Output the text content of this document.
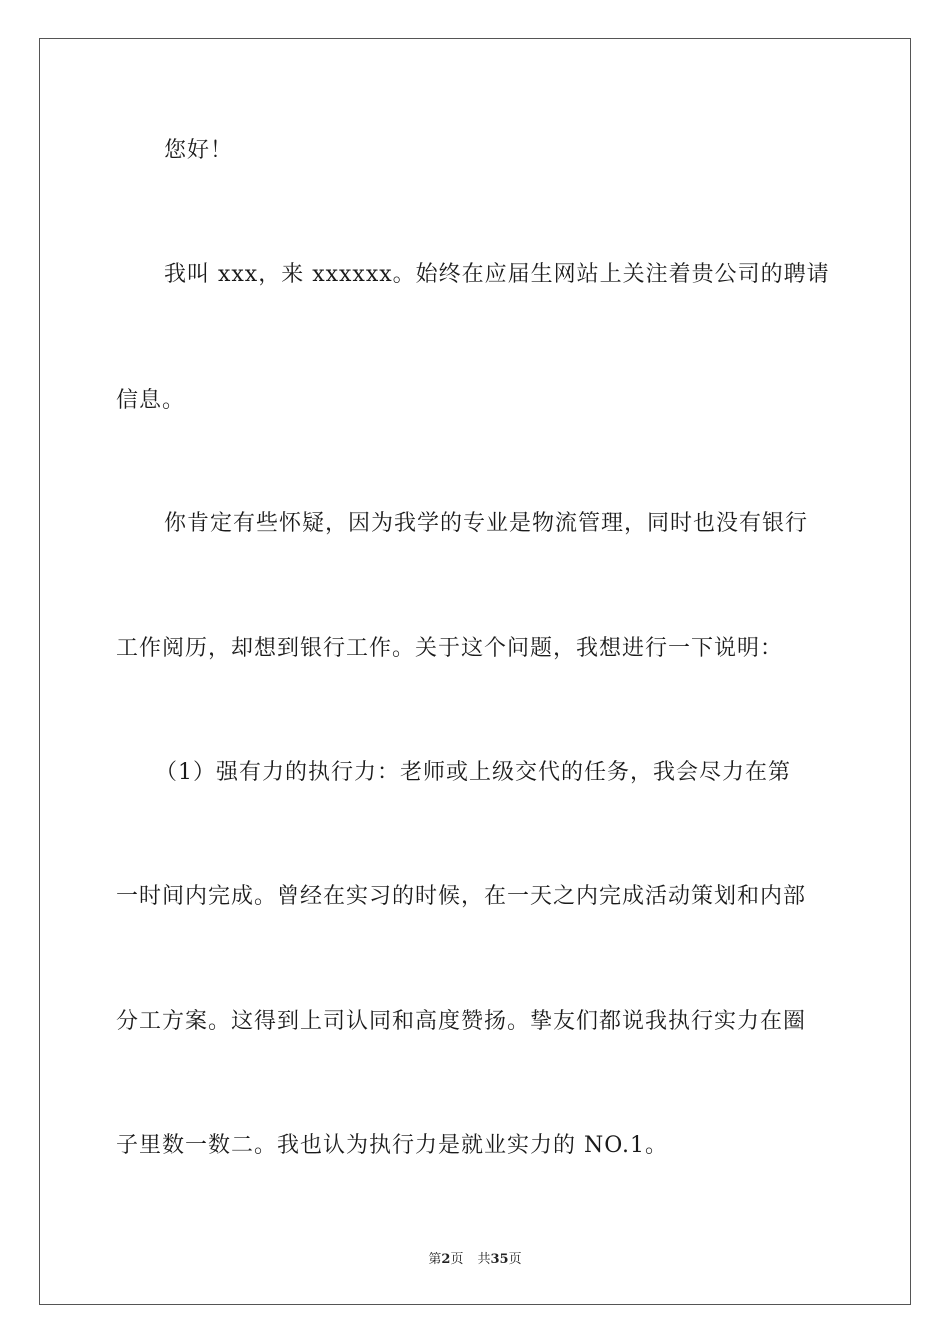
您好！
我叫 xxx，来 xxxxxx。始终在应届生网站上关注着贵公司的聘请
信息。
你肯定有些怀疑，因为我学的专业是物流管理，同时也没有银行
工作阅历，却想到银行工作。关于这个问题，我想进行一下说明：
（1）强有力的执行力：老师或上级交代的任务，我会尽力在第
一时间内完成。曾经在实习的时候，在一天之内完成活动策划和内部
分工方案。这得到上司认同和高度赞扬。挚友们都说我执行实力在圈
子里数一数二。我也认为执行力是就业实力的 NO.1。
第2页 共35页
